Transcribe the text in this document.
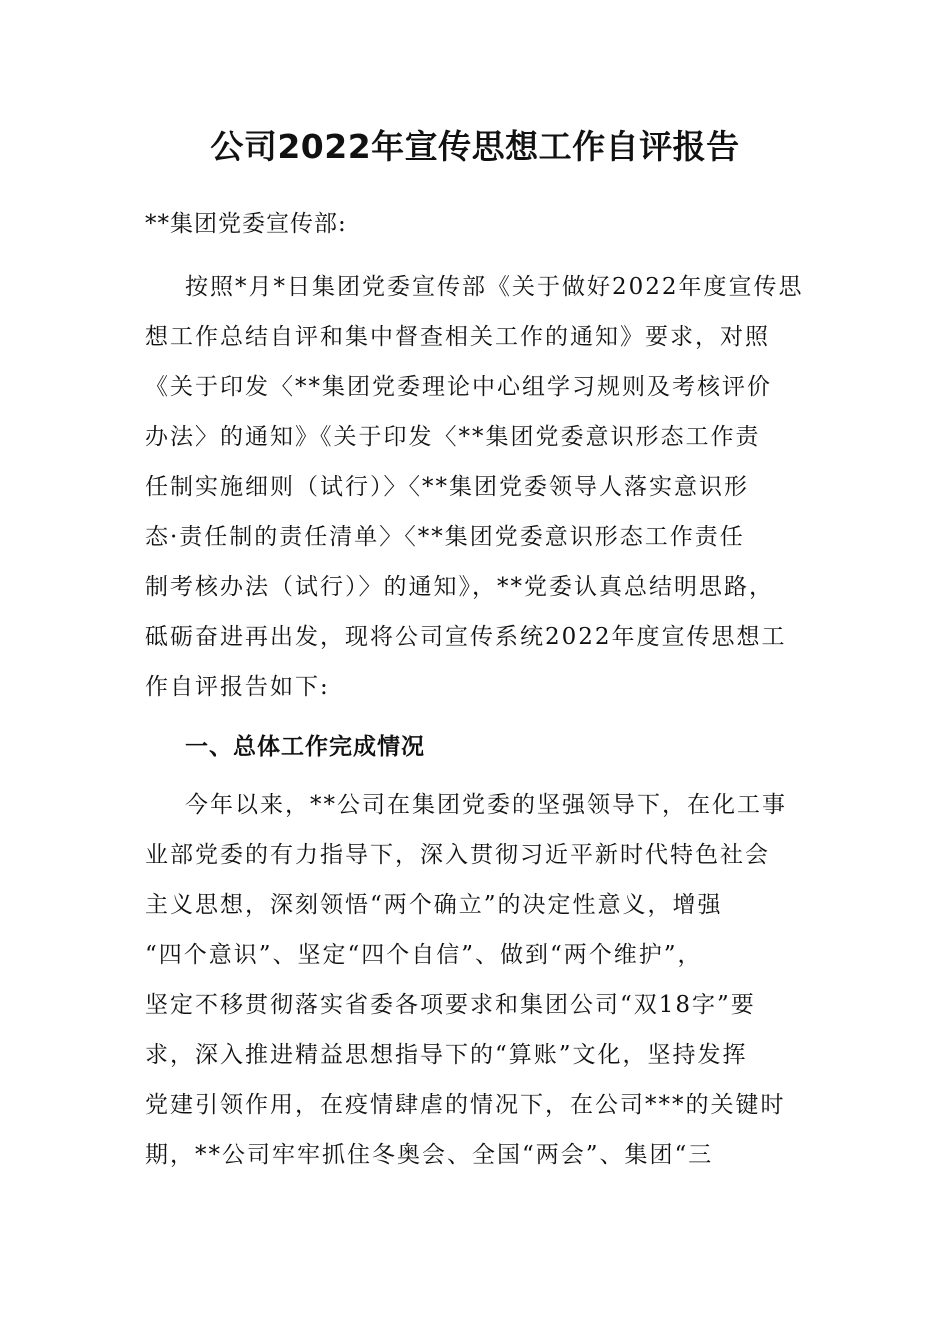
公司2022年宣传思想工作自评报告
**集团党委宣传部:
按照*月*日集团党委宣传部《关于做好2022年度宣传思
想工作总结自评和集中督查相关工作的通知》要求，对照
《关于印发〈**集团党委理论中心组学习规则及考核评价
办法〉的通知》《关于印发〈**集团党委意识形态工作责
任制实施细则（试行）〉〈**集团党委领导人落实意识形
态·责任制的责任清单〉〈**集团党委意识形态工作责任
制考核办法（试行）〉的通知》，**党委认真总结明思路，
砥砺奋进再出发，现将公司宣传系统2022年度宣传思想工
作自评报告如下:
一、总体工作完成情况
今年以来，**公司在集团党委的坚强领导下，在化工事
业部党委的有力指导下，深入贯彻习近平新时代特色社会
主义思想，深刻领悟“两个确立”的决定性意义，增强
“四个意识”、坚定“四个自信”、做到“两个维护”，
坚定不移贯彻落实省委各项要求和集团公司“双18字”要
求，深入推进精益思想指导下的“算账”文化，坚持发挥
党建引领作用，在疫情肆虐的情况下，在公司***的关键时
期，**公司牢牢抓住冬奥会、全国“两会”、集团“三
